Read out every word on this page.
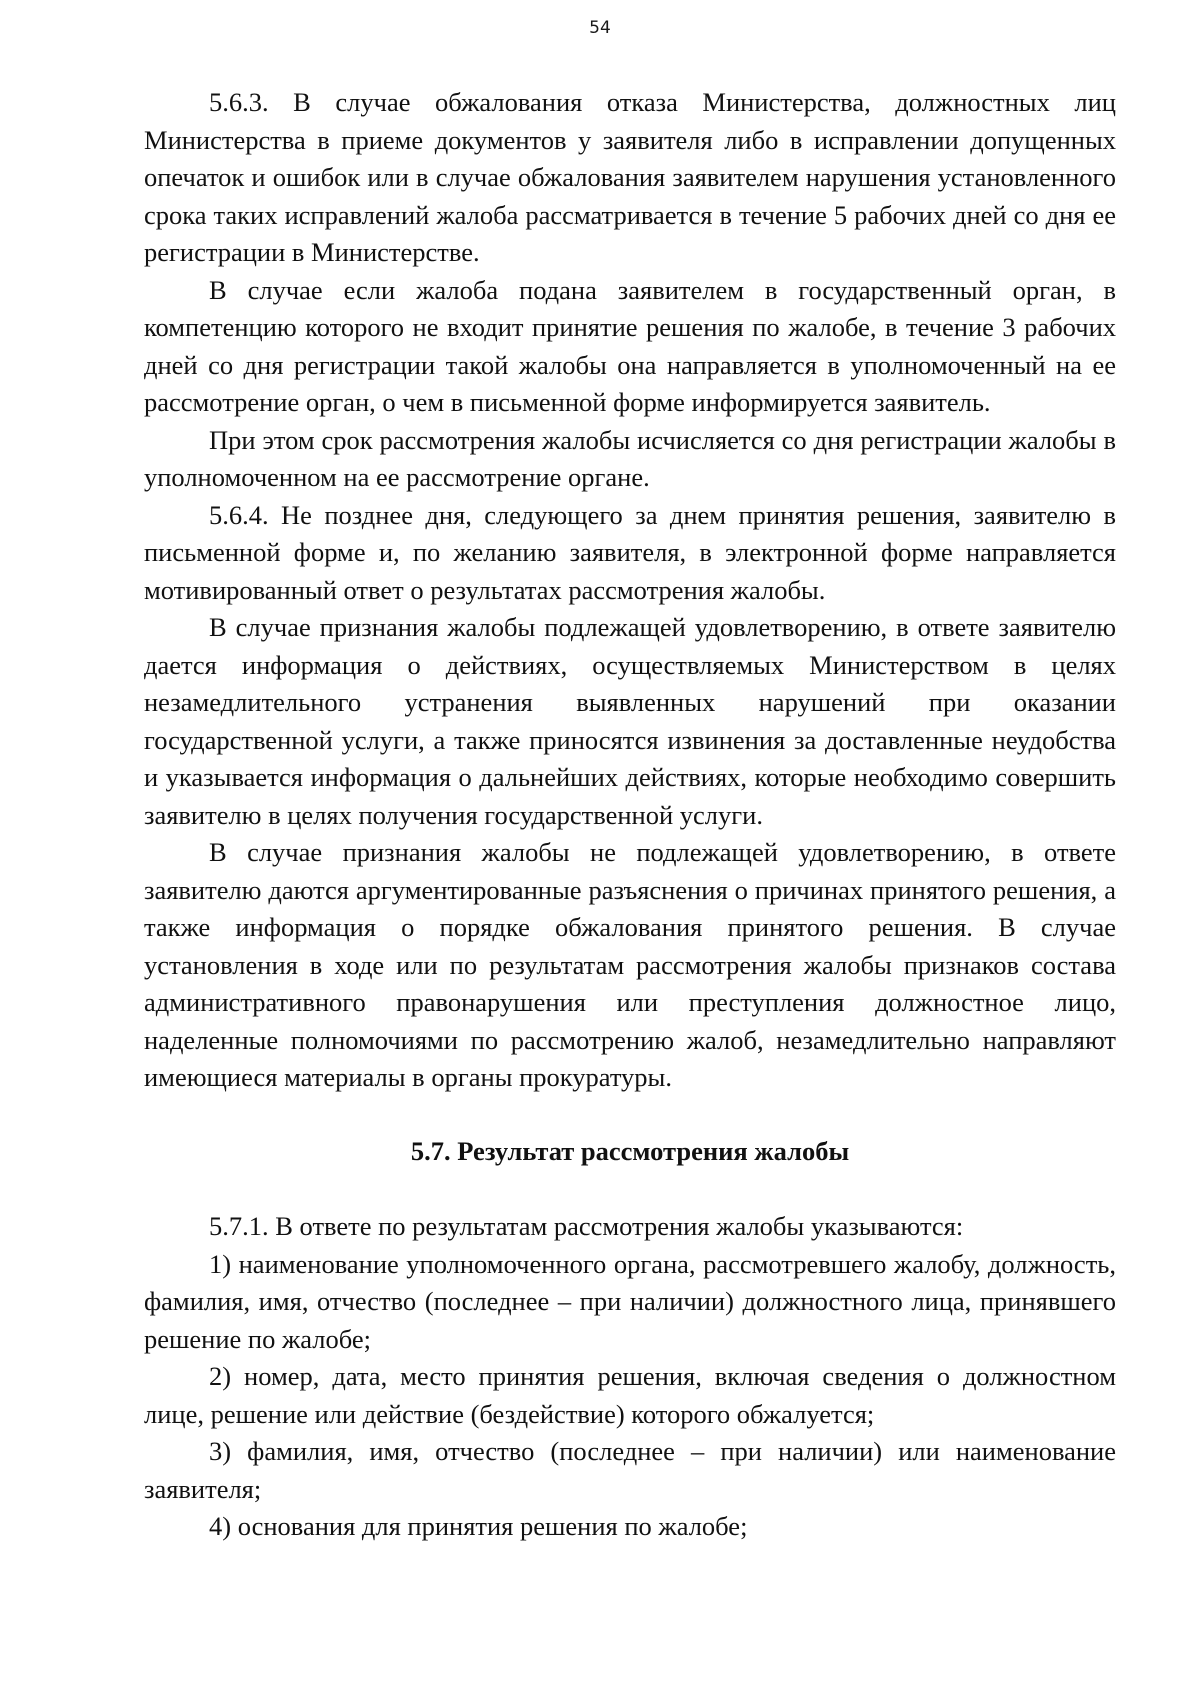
54

5.6.3. В случае обжалования отказа Министерства, должностных лиц Министерства в приеме документов у заявителя либо в исправлении допущенных опечаток и ошибок или в случае обжалования заявителем нарушения установленного срока таких исправлений жалоба рассматривается в течение 5 рабочих дней со дня ее регистрации в Министерстве.

В случае если жалоба подана заявителем в государственный орган, в компетенцию которого не входит принятие решения по жалобе, в течение 3 рабочих дней со дня регистрации такой жалобы она направляется в уполномоченный на ее рассмотрение орган, о чем в письменной форме информируется заявитель.

При этом срок рассмотрения жалобы исчисляется со дня регистрации жалобы в уполномоченном на ее рассмотрение органе.

5.6.4. Не позднее дня, следующего за днем принятия решения, заявителю в письменной форме и, по желанию заявителя, в электронной форме направляется мотивированный ответ о результатах рассмотрения жалобы.

В случае признания жалобы подлежащей удовлетворению, в ответе заявителю дается информация о действиях, осуществляемых Министерством в целях незамедлительного устранения выявленных нарушений при оказании государственной услуги, а также приносятся извинения за доставленные неудобства и указывается информация о дальнейших действиях, которые необходимо совершить заявителю в целях получения государственной услуги.

В случае признания жалобы не подлежащей удовлетворению, в ответе заявителю даются аргументированные разъяснения о причинах принятого решения, а также информация о порядке обжалования принятого решения. В случае установления в ходе или по результатам рассмотрения жалобы признаков состава административного правонарушения или преступления должностное лицо, наделенные полномочиями по рассмотрению жалоб, незамедлительно направляют имеющиеся материалы в органы прокуратуры.

5.7. Результат рассмотрения жалобы

5.7.1. В ответе по результатам рассмотрения жалобы указываются:

1) наименование уполномоченного органа, рассмотревшего жалобу, должность, фамилия, имя, отчество (последнее – при наличии) должностного лица, принявшего решение по жалобе;

2) номер, дата, место принятия решения, включая сведения о должностном лице, решение или действие (бездействие) которого обжалуется;

3) фамилия, имя, отчество (последнее – при наличии) или наименование заявителя;

4) основания для принятия решения по жалобе;
